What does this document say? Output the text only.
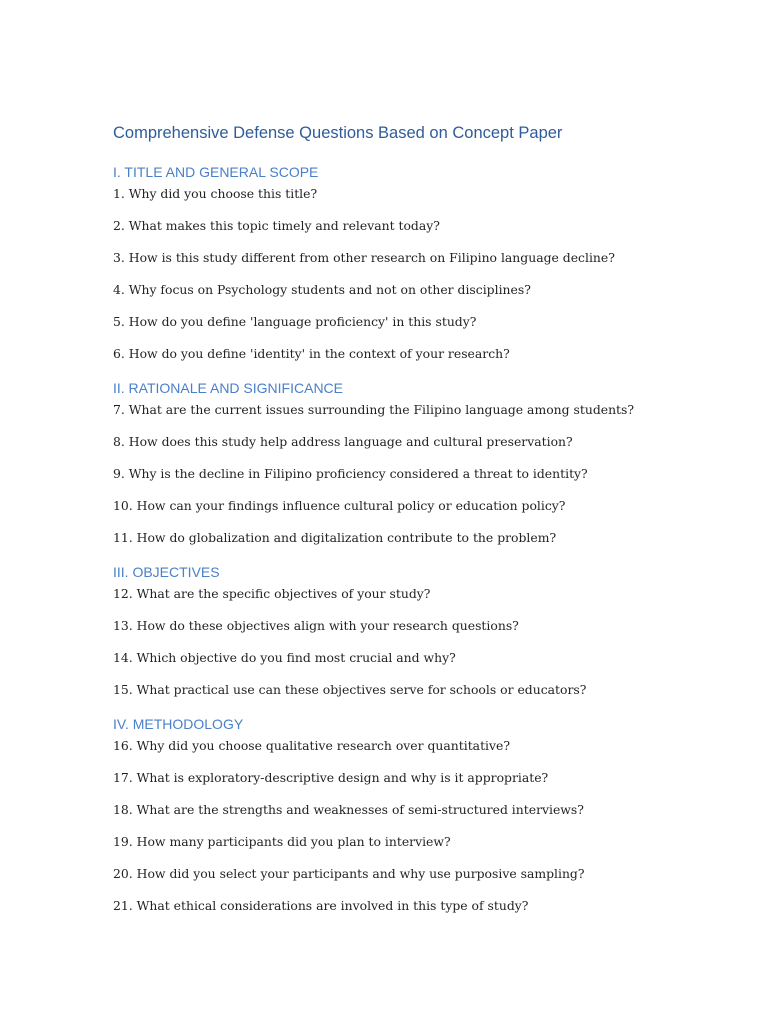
Comprehensive Defense Questions Based on Concept Paper
I. TITLE AND GENERAL SCOPE
1. Why did you choose this title?
2. What makes this topic timely and relevant today?
3. How is this study different from other research on Filipino language decline?
4. Why focus on Psychology students and not on other disciplines?
5. How do you define 'language proficiency' in this study?
6. How do you define 'identity' in the context of your research?
II. RATIONALE AND SIGNIFICANCE
7. What are the current issues surrounding the Filipino language among students?
8. How does this study help address language and cultural preservation?
9. Why is the decline in Filipino proficiency considered a threat to identity?
10. How can your findings influence cultural policy or education policy?
11. How do globalization and digitalization contribute to the problem?
III. OBJECTIVES
12. What are the specific objectives of your study?
13. How do these objectives align with your research questions?
14. Which objective do you find most crucial and why?
15. What practical use can these objectives serve for schools or educators?
IV. METHODOLOGY
16. Why did you choose qualitative research over quantitative?
17. What is exploratory-descriptive design and why is it appropriate?
18. What are the strengths and weaknesses of semi-structured interviews?
19. How many participants did you plan to interview?
20. How did you select your participants and why use purposive sampling?
21. What ethical considerations are involved in this type of study?
